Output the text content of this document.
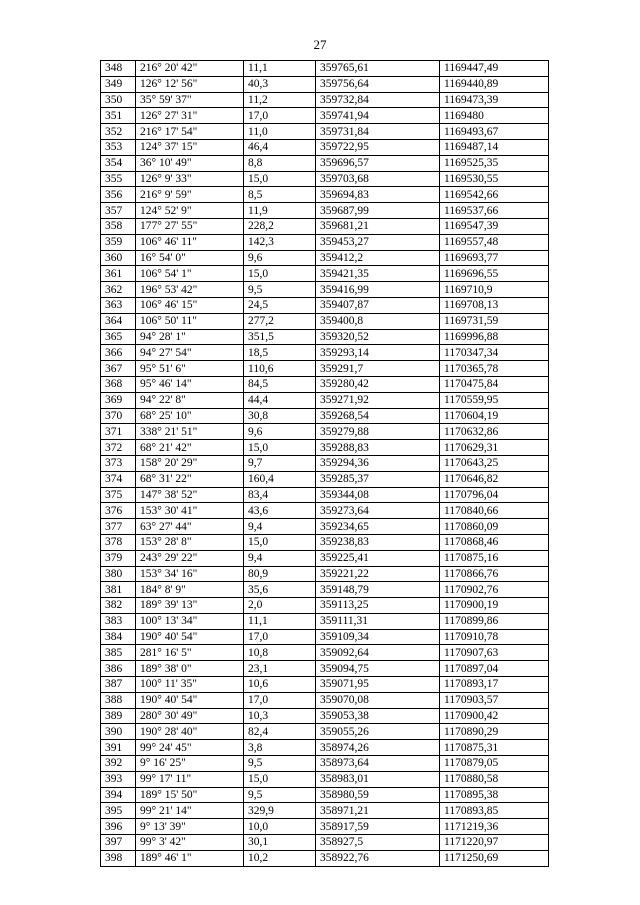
27
348	216° 20' 42"	11,1	359765,61	1169447,49
349	126° 12' 56"	40,3	359756,64	1169440,89
350	35° 59' 37"	11,2	359732,84	1169473,39
351	126° 27' 31"	17,0	359741,94	1169480
352	216° 17' 54"	11,0	359731,84	1169493,67
353	124° 37' 15"	46,4	359722,95	1169487,14
354	36° 10' 49"	8,8	359696,57	1169525,35
355	126° 9' 33"	15,0	359703,68	1169530,55
356	216° 9' 59"	8,5	359694,83	1169542,66
357	124° 52' 9"	11,9	359687,99	1169537,66
358	177° 27' 55"	228,2	359681,21	1169547,39
359	106° 46' 11"	142,3	359453,27	1169557,48
360	16° 54' 0"	9,6	359412,2	1169693,77
361	106° 54' 1"	15,0	359421,35	1169696,55
362	196° 53' 42"	9,5	359416,99	1169710,9
363	106° 46' 15"	24,5	359407,87	1169708,13
364	106° 50' 11"	277,2	359400,8	1169731,59
365	94° 28' 1"	351,5	359320,52	1169996,88
366	94° 27' 54"	18,5	359293,14	1170347,34
367	95° 51' 6"	110,6	359291,7	1170365,78
368	95° 46' 14"	84,5	359280,42	1170475,84
369	94° 22' 8"	44,4	359271,92	1170559,95
370	68° 25' 10"	30,8	359268,54	1170604,19
371	338° 21' 51"	9,6	359279,88	1170632,86
372	68° 21' 42"	15,0	359288,83	1170629,31
373	158° 20' 29"	9,7	359294,36	1170643,25
374	68° 31' 22"	160,4	359285,37	1170646,82
375	147° 38' 52"	83,4	359344,08	1170796,04
376	153° 30' 41"	43,6	359273,64	1170840,66
377	63° 27' 44"	9,4	359234,65	1170860,09
378	153° 28' 8"	15,0	359238,83	1170868,46
379	243° 29' 22"	9,4	359225,41	1170875,16
380	153° 34' 16"	80,9	359221,22	1170866,76
381	184° 8' 9"	35,6	359148,79	1170902,76
382	189° 39' 13"	2,0	359113,25	1170900,19
383	100° 13' 34"	11,1	359111,31	1170899,86
384	190° 40' 54"	17,0	359109,34	1170910,78
385	281° 16' 5"	10,8	359092,64	1170907,63
386	189° 38' 0"	23,1	359094,75	1170897,04
387	100° 11' 35"	10,6	359071,95	1170893,17
388	190° 40' 54"	17,0	359070,08	1170903,57
389	280° 30' 49"	10,3	359053,38	1170900,42
390	190° 28' 40"	82,4	359055,26	1170890,29
391	99° 24' 45"	3,8	358974,26	1170875,31
392	9° 16' 25"	9,5	358973,64	1170879,05
393	99° 17' 11"	15,0	358983,01	1170880,58
394	189° 15' 50"	9,5	358980,59	1170895,38
395	99° 21' 14"	329,9	358971,21	1170893,85
396	9° 13' 39"	10,0	358917,59	1171219,36
397	99° 3' 42"	30,1	358927,5	1171220,97
398	189° 46' 1"	10,2	358922,76	1171250,69
